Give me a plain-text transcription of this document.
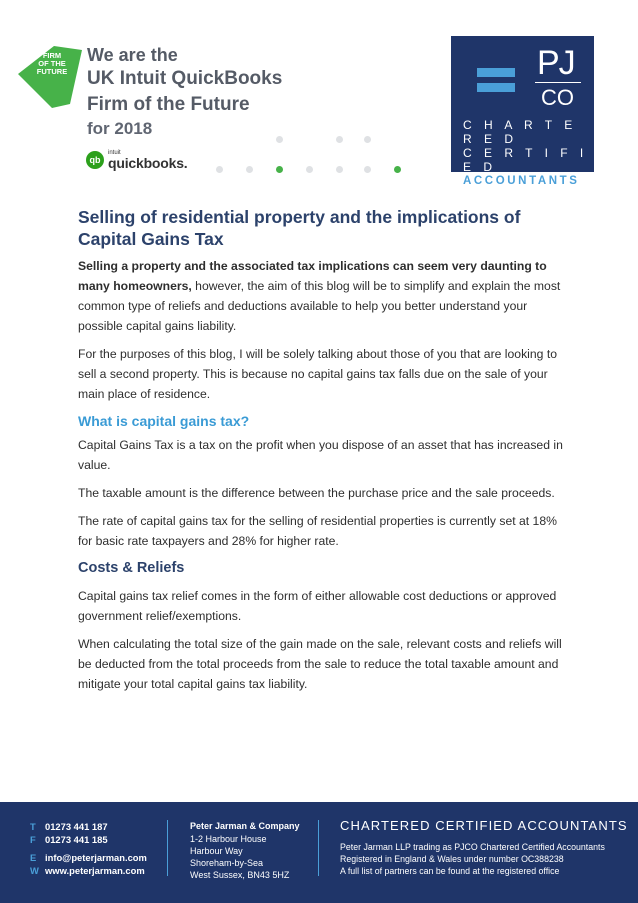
FIRM
OF THE
FUTURE
We are the
UK Intuit QuickBooks
Firm of the Future
for 2018
qb
intuit
quickbooks.
PJ
CO
C H A R T E R E D
C E R T I F I E D
ACCOUNTANTS
Selling of residential property and the implications of Capital Gains Tax

Selling a property and the associated tax implications can seem very daunting to many homeowners, however, the aim of this blog will be to simplify and explain the most common type of reliefs and deductions available to help you better understand your possible capital gains liability.

For the purposes of this blog, I will be solely talking about those of you that are looking to sell a second property. This is because no capital gains tax falls due on the sale of your main place of residence.

What is capital gains tax?

Capital Gains Tax is a tax on the profit when you dispose of an asset that has increased in value.

The taxable amount is the difference between the purchase price and the sale proceeds.

The rate of capital gains tax for the selling of residential properties is currently set at 18% for basic rate taxpayers and 28% for higher rate.

Costs & Reliefs

Capital gains tax relief comes in the form of either allowable cost deductions or approved government relief/exemptions.

When calculating the total size of the gain made on the sale, relevant costs and reliefs will be deducted from the total proceeds from the sale to reduce the total taxable amount and mitigate your total capital gains tax liability.

T 01273 441 187
F 01273 441 185
E info@peterjarman.com
W www.peterjarman.com
Peter Jarman & Company
1-2 Harbour House
Harbour Way
Shoreham-by-Sea
West Sussex, BN43 5HZ
CHARTERED CERTIFIED ACCOUNTANTS
Peter Jarman LLP trading as PJCO Chartered Certified Accountants
Registered in England & Wales under number OC388238
A full list of partners can be found at the registered office
